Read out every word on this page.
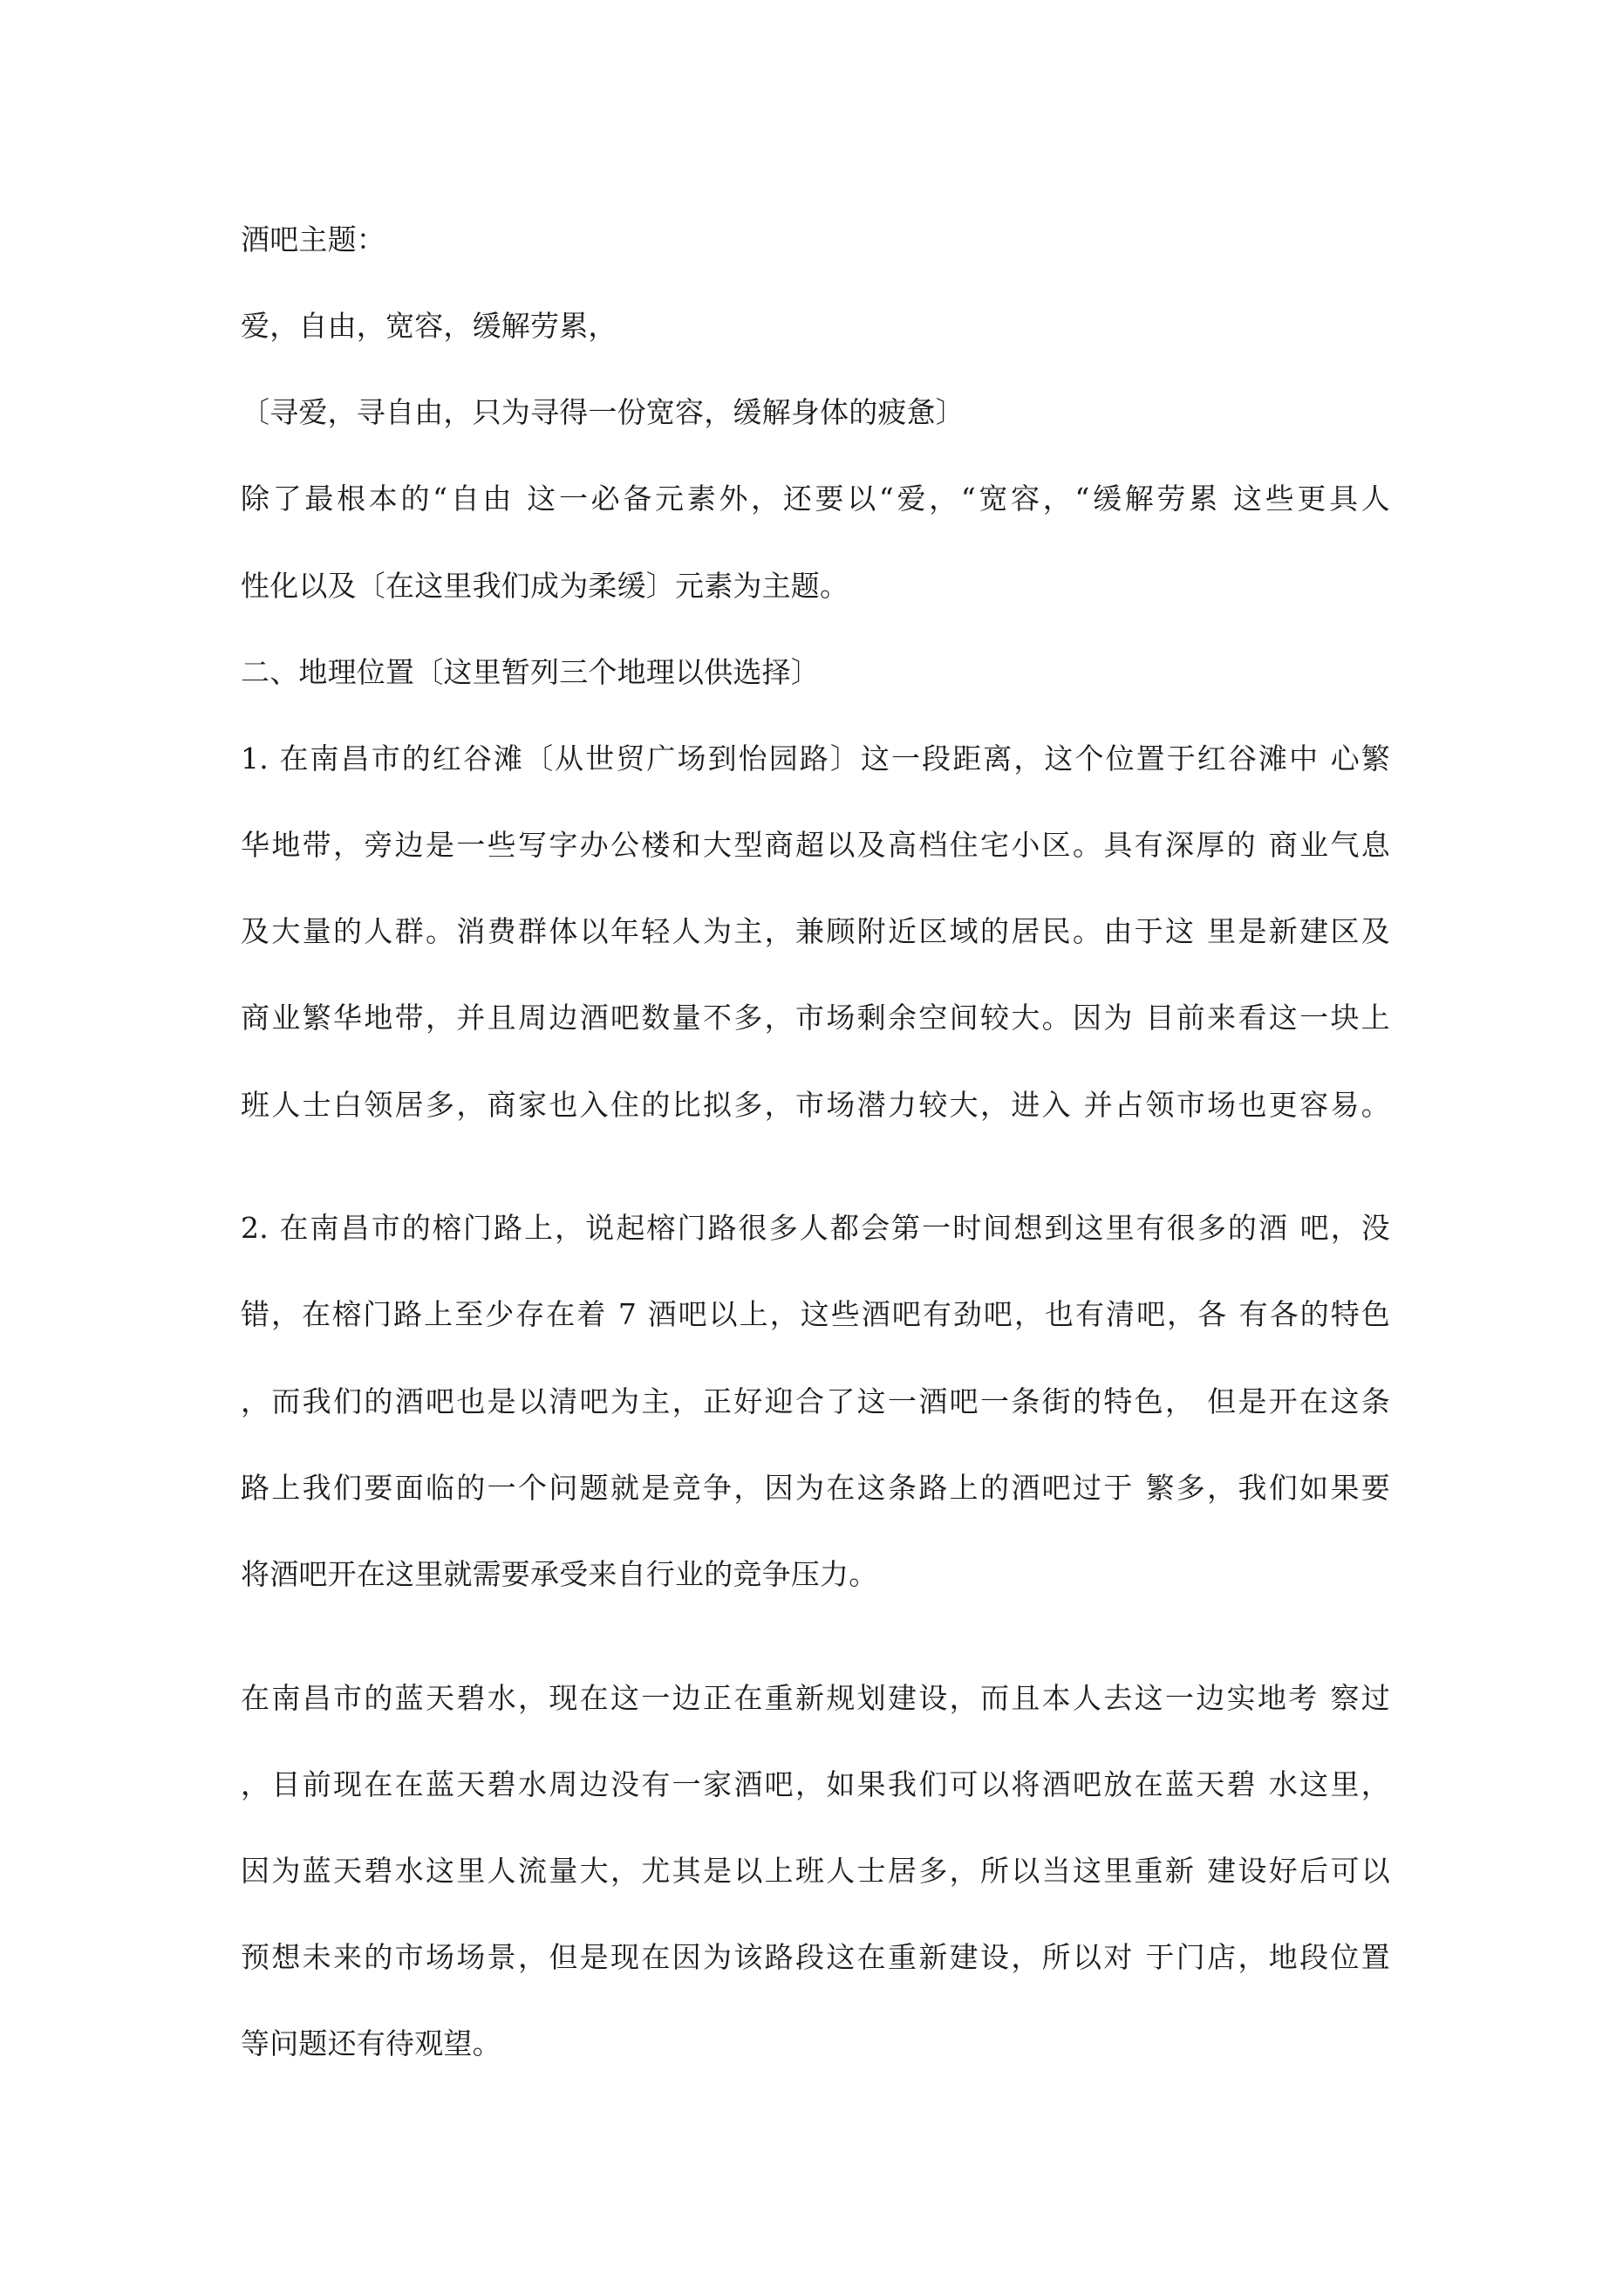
酒吧主题：

爱，自由，宽容，缓解劳累，

〔寻爱，寻自由，只为寻得一份宽容，缓解身体的疲惫〕

除了最根本的“自由 这一必备元素外，还要以“爱，“宽容，“缓解劳累 这些更具人

性化以及〔在这里我们成为柔缓〕元素为主题。

二、地理位置〔这里暂列三个地理以供选择〕

1. 在南昌市的红谷滩〔从世贸广场到怡园路〕这一段距离，这个位置于红谷滩中 心繁

华地带，旁边是一些写字办公楼和大型商超以及高档住宅小区。具有深厚的 商业气息

及大量的人群。消费群体以年轻人为主，兼顾附近区域的居民。由于这 里是新建区及

商业繁华地带，并且周边酒吧数量不多，市场剩余空间较大。因为 目前来看这一块上

班人士白领居多，商家也入住的比拟多，市场潜力较大，进入 并占领市场也更容易。

2. 在南昌市的榕门路上，说起榕门路很多人都会第一时间想到这里有很多的酒 吧，没

错，在榕门路上至少存在着 7 酒吧以上，这些酒吧有劲吧，也有清吧，各 有各的特色

，而我们的酒吧也是以清吧为主，正好迎合了这一酒吧一条街的特色， 但是开在这条

路上我们要面临的一个问题就是竞争，因为在这条路上的酒吧过于 繁多，我们如果要

将酒吧开在这里就需要承受来自行业的竞争压力。

在南昌市的蓝天碧水，现在这一边正在重新规划建设，而且本人去这一边实地考 察过

，目前现在在蓝天碧水周边没有一家酒吧，如果我们可以将酒吧放在蓝天碧 水这里，

因为蓝天碧水这里人流量大，尤其是以上班人士居多，所以当这里重新 建设好后可以

预想未来的市场场景，但是现在因为该路段这在重新建设，所以对 于门店，地段位置

等问题还有待观望。
